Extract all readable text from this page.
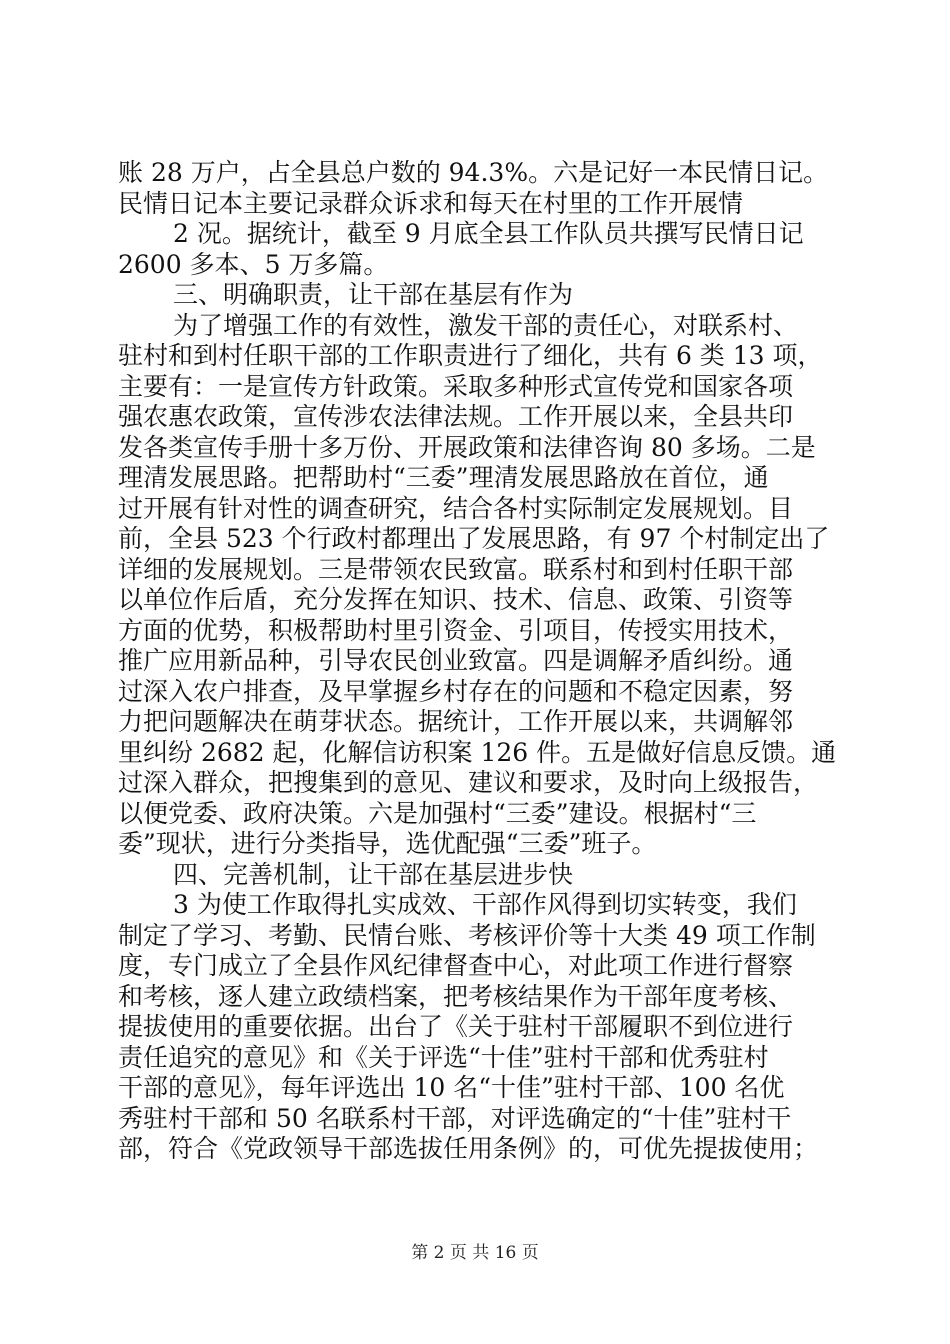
账 28 万户，占全县总户数的 94.3%。六是记好一本民情日记。
民情日记本主要记录群众诉求和每天在村里的工作开展情
2 况。据统计，截至 9 月底全县工作队员共撰写民情日记
2600 多本、5 万多篇。
三、明确职责，让干部在基层有作为
为了增强工作的有效性，激发干部的责任心，对联系村、
驻村和到村任职干部的工作职责进行了细化，共有 6 类 13 项，
主要有：一是宣传方针政策。采取多种形式宣传党和国家各项
强农惠农政策，宣传涉农法律法规。工作开展以来，全县共印
发各类宣传手册十多万份、开展政策和法律咨询 80 多场。二是
理清发展思路。把帮助村“三委”理清发展思路放在首位，通
过开展有针对性的调查研究，结合各村实际制定发展规划。目
前，全县 523 个行政村都理出了发展思路，有 97 个村制定出了
详细的发展规划。三是带领农民致富。联系村和到村任职干部
以单位作后盾，充分发挥在知识、技术、信息、政策、引资等
方面的优势，积极帮助村里引资金、引项目，传授实用技术，
推广应用新品种，引导农民创业致富。四是调解矛盾纠纷。通
过深入农户排查，及早掌握乡村存在的问题和不稳定因素，努
力把问题解决在萌芽状态。据统计，工作开展以来，共调解邻
里纠纷 2682 起，化解信访积案 126 件。五是做好信息反馈。通
过深入群众，把搜集到的意见、建议和要求，及时向上级报告，
以便党委、政府决策。六是加强村“三委”建设。根据村“三
委”现状，进行分类指导，选优配强“三委”班子。
四、完善机制，让干部在基层进步快
3 为使工作取得扎实成效、干部作风得到切实转变，我们
制定了学习、考勤、民情台账、考核评价等十大类 49 项工作制
度，专门成立了全县作风纪律督查中心，对此项工作进行督察
和考核，逐人建立政绩档案，把考核结果作为干部年度考核、
提拔使用的重要依据。出台了《关于驻村干部履职不到位进行
责任追究的意见》和《关于评选“十佳”驻村干部和优秀驻村
干部的意见》，每年评选出 10 名“十佳”驻村干部、100 名优
秀驻村干部和 50 名联系村干部，对评选确定的“十佳”驻村干
部，符合《党政领导干部选拔任用条例》的，可优先提拔使用；
第 2 页 共 16 页
